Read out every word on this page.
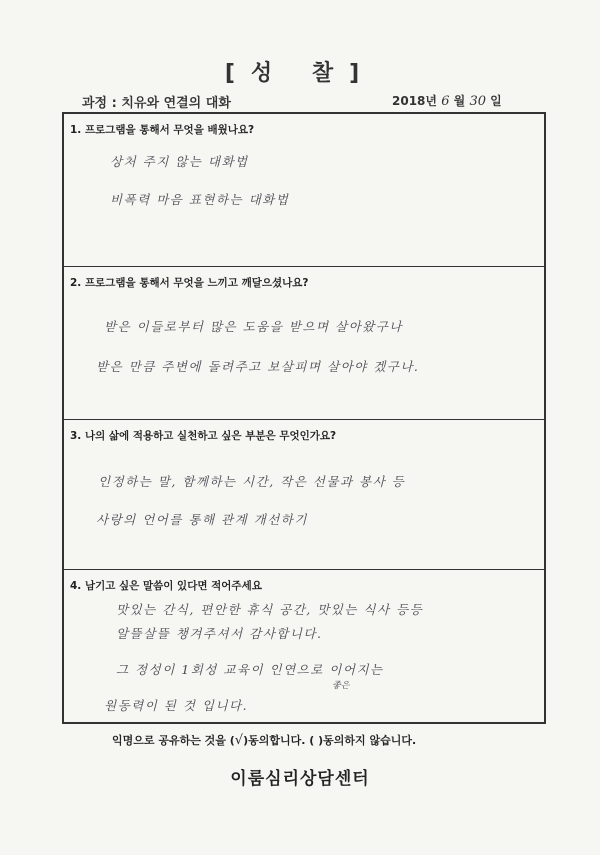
[성 찰]
과정 : 치유와 연결의 대화	2018년 6 월 30 일
1. 프로그램을 통해서 무엇을 배웠나요?
상처 주지 않는 대화법
비폭력 마음 표현하는 대화법
2. 프로그램을 통해서 무엇을 느끼고 깨달으셨나요?
받은 이들로부터 많은 도움을 받으며 살아왔구나
받은 만큼 주변에 돌려주고 보살피며 살아야 겠구나.
3. 나의 삶에 적용하고 실천하고 싶은 부분은 무엇인가요?
인정하는 말, 함께하는 시간, 작은 선물과 봉사 등
사랑의 언어를 통해 관계 개선하기
4. 남기고 싶은 말씀이 있다면 적어주세요
맛있는 간식, 편안한 휴식 공간, 맛있는 식사 등등
알뜰살뜰 챙겨주셔서 감사합니다.
그 정성이 1회성 교육이 인연으로 이어지는
좋은
원동력이 된 것 입니다.
익명으로 공유하는 것을 (√)동의합니다. ( )동의하지 않습니다.
이룸심리상담센터
